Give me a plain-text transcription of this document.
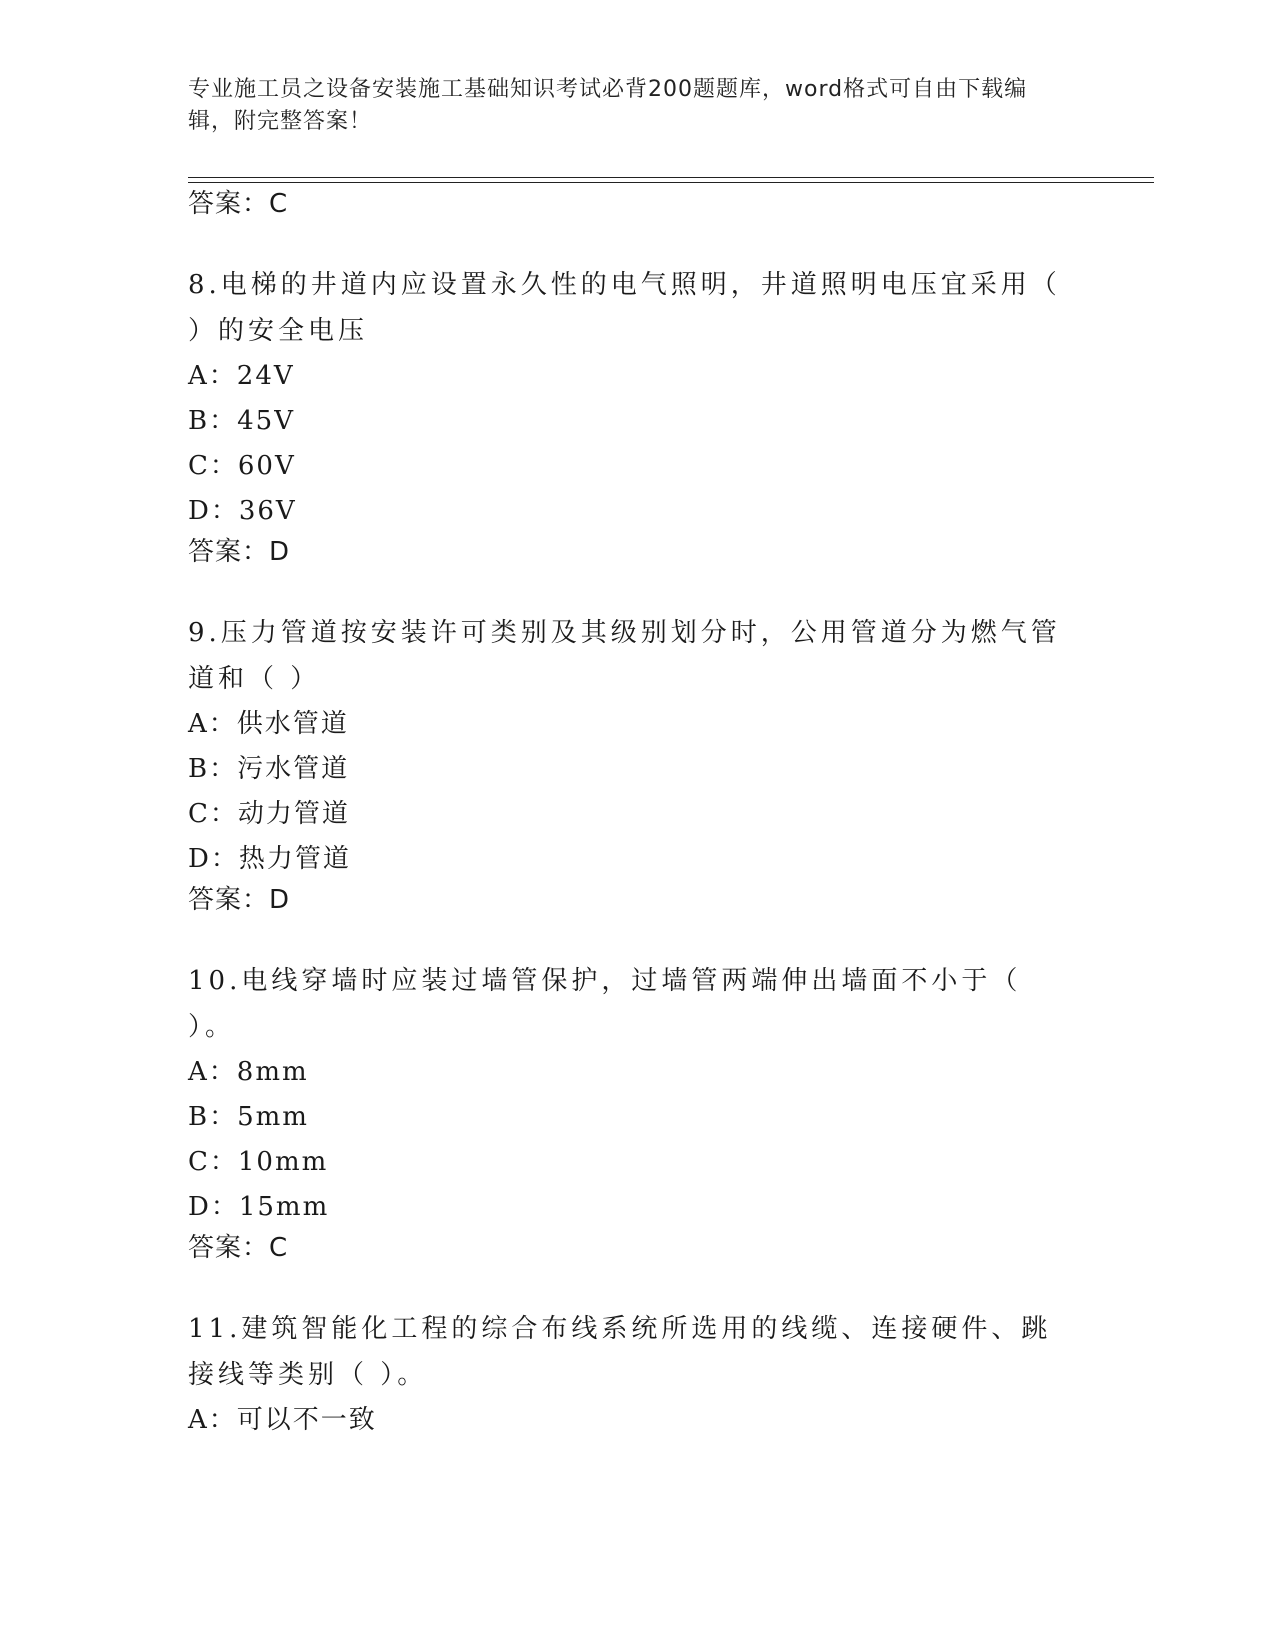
专业施工员之设备安装施工基础知识考试必背200题题库，word格式可自由下载编辑，附完整答案！
答案：C
8.电梯的井道内应设置永久性的电气照明，井道照明电压宜采用（ ）的安全电压
A：24V
B：45V
C：60V
D：36V
答案：D
9.压力管道按安装许可类别及其级别划分时，公用管道分为燃气管道和（ ）
A：供水管道
B：污水管道
C：动力管道
D：热力管道
答案：D
10.电线穿墙时应装过墙管保护，过墙管两端伸出墙面不小于（ ）。
A：8mm
B：5mm
C：10mm
D：15mm
答案：C
11.建筑智能化工程的综合布线系统所选用的线缆、连接硬件、跳接线等类别（ ）。
A：可以不一致
